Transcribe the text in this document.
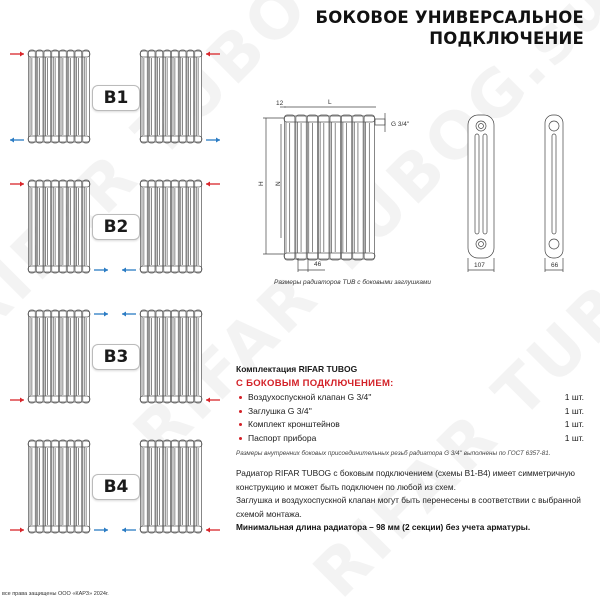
БОКОВОЕ УНИВЕРСАЛЬНОЕ
ПОДКЛЮЧЕНИЕ
12	L
G 3/4''
H N
46	107	66
B1
B2
B3
B4
Размеры радиаторов TUB с боковыми заглушками
Комплектация RIFAR TUBOG
С БОКОВЫМ ПОДКЛЮЧЕНИЕМ:
Воздухоспускной клапан G 3/4''	1 шт.
Заглушка G 3/4''	1 шт.
Комплект кронштейнов	1 шт.
Паспорт прибора	1 шт.
Размеры внутренних боковых присоединительных резьб радиатора G 3/4'' выполнены по ГОСТ 6357-81.
Радиатор RIFAR TUBOG с боковым подключением (схемы B1-B4) имеет симметричную конструкцию и может быть подключен по любой из схем.
Заглушка и воздухоспускной клапан могут быть перенесены в соответствии с выбранной схемой монтажа.
Минимальная длина радиатора – 98 мм (2 секции) без учета арматуры.
все права защищены ООО «КАРЗ» 2024г.
